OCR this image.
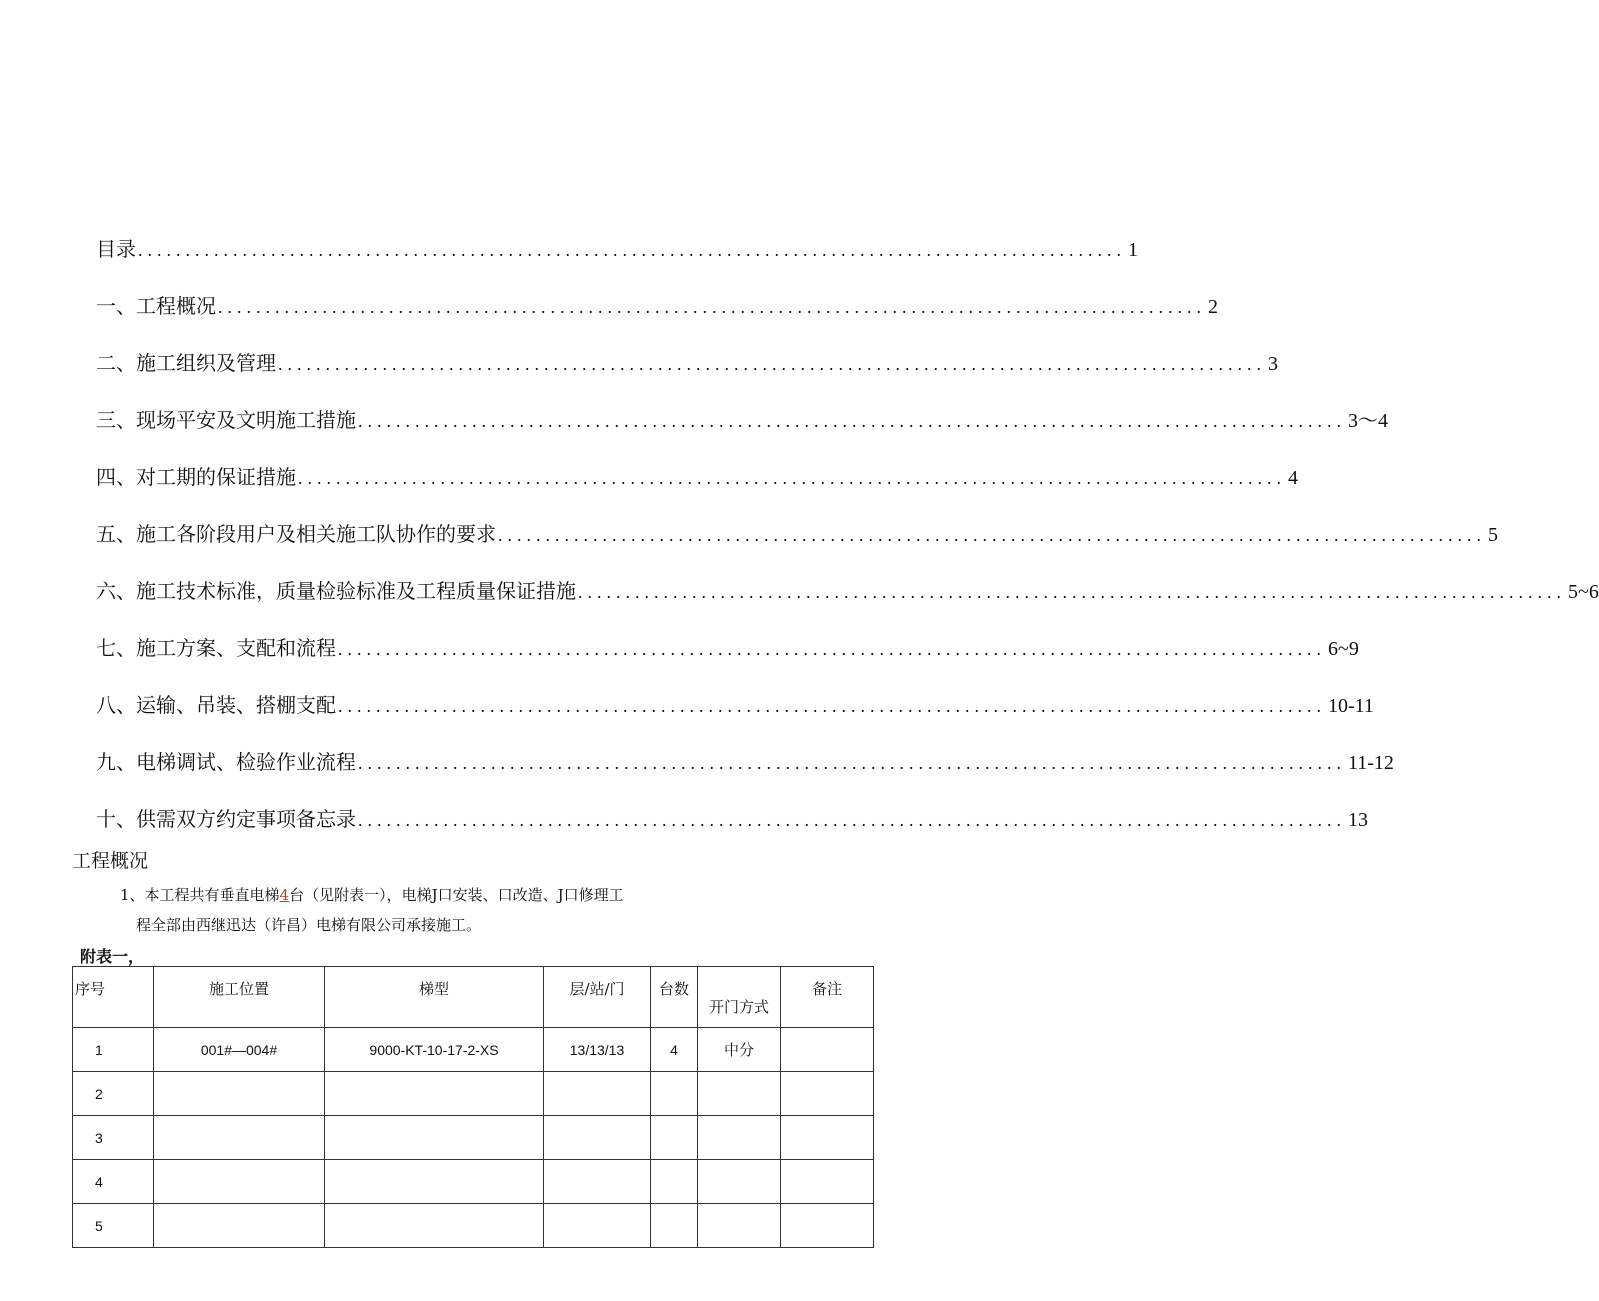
目录 ........................................................................................................ 1
一、工程概况 ........................................................................................................ 2
二、施工组织及管理 ........................................................................................................ 3
三、现场平安及文明施工措施 ........................................................................................................ 3～4
四、对工期的保证措施 ........................................................................................................ 4
五、施工各阶段用户及相关施工队协作的要求 ........................................................................................................ 5
六、施工技术标准，质量检验标准及工程质量保证措施 ........................................................................................................ 5~6
七、施工方案、支配和流程 ........................................................................................................ 6~9
八、运输、吊装、搭棚支配 ........................................................................................................ 10-11
九、电梯调试、检验作业流程 ........................................................................................................ 11-12
十、供需双方约定事项备忘录 ........................................................................................................ 13
工程概况
1、本工程共有垂直电梯4台（见附表一），电梯J口安装、口改造、J口修理工
程全部由西继迅达（许昌）电梯有限公司承接施工。
附表一，
序号	施工位置	梯型	层/站/门	台数	开门方式	备注

1	001#—004#	9000-KT-10-17-2-XS	13/13/13	4	中分	
2						
3						
4						
5						
